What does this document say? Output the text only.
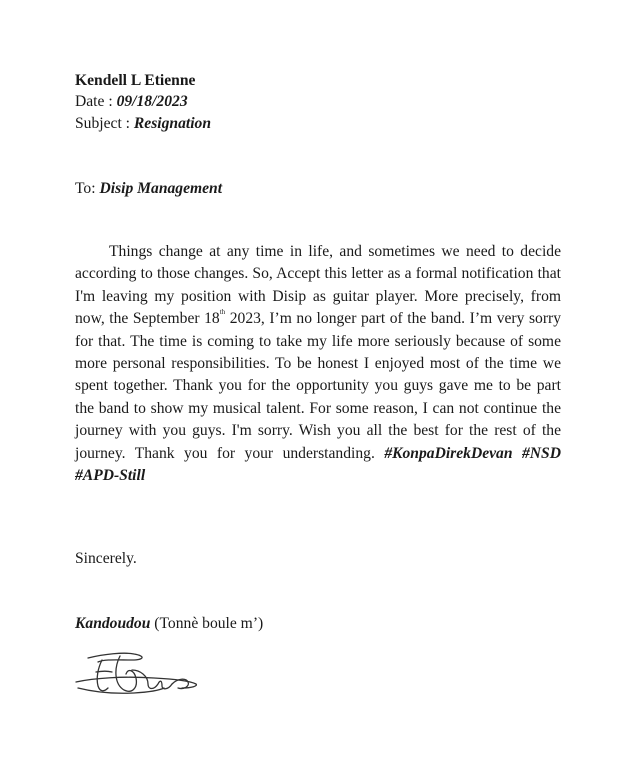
Kendell L Etienne
Date : 09/18/2023
Subject : Resignation
To: Disip Management

Things change at any time in life, and sometimes we need to decide according to those changes. So, Accept this letter as a formal notification that I'm leaving my position with Disip as guitar player. More precisely, from now, the September 18th 2023, I’m no longer part of the band. I’m very sorry for that. The time is coming to take my life more seriously because of some more personal responsibilities. To be honest I enjoyed most of the time we spent together. Thank you for the opportunity you guys gave me to be part the band to show my musical talent. For some reason, I can not continue the journey with you guys. I'm sorry. Wish you all the best for the rest of the journey. Thank you for your understanding. #KonpaDirekDevan #NSD #APD-Still

Sincerely.
Kandoudou (Tonnè boule m’)
